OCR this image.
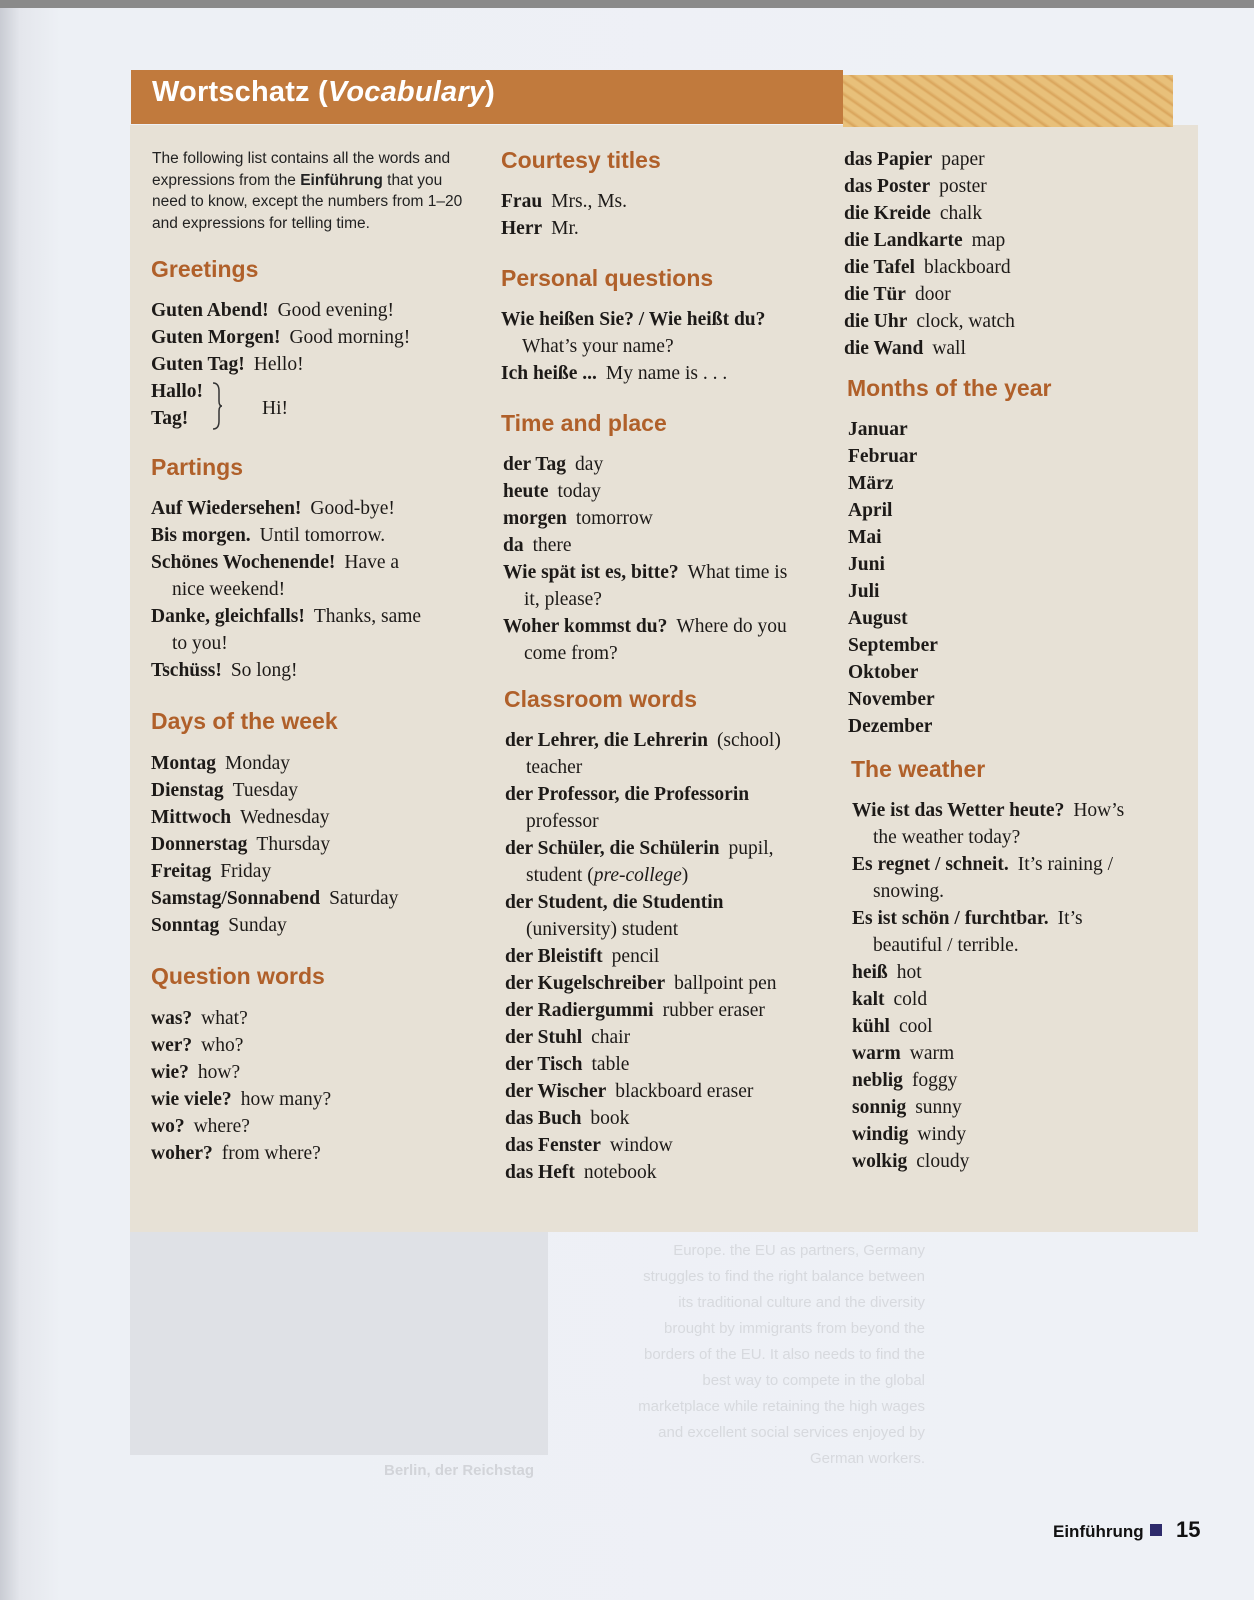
Berlin, der Reichstag
Europe. the EU as partners, Germany
struggles to find the right balance between
its traditional culture and the diversity
brought by immigrants from beyond the
borders of the EU. It also needs to find the
best way to compete in the global
marketplace while retaining the high wages
and excellent social services enjoyed by
German workers.
Wortschatz (Vocabulary)
The following list contains all the words and expressions from the Einführung that you need to know, except the numbers from 1–20 and expressions for telling time.
Greetings
Guten Abend! Good evening!
Guten Morgen! Good morning!
Guten Tag! Hello!
Hallo!
Tag!	Hi!
Partings
Auf Wiedersehen! Good-bye!
Bis morgen. Until tomorrow.
Schönes Wochenende! Have a
nice weekend!
Danke, gleichfalls! Thanks, same
to you!
Tschüss! So long!
Days of the week
Montag Monday
Dienstag Tuesday
Mittwoch Wednesday
Donnerstag Thursday
Freitag Friday
Samstag/Sonnabend Saturday
Sonntag Sunday
Question words
was? what?
wer? who?
wie? how?
wie viele? how many?
wo? where?
woher? from where?
Courtesy titles
Frau Mrs., Ms.
Herr Mr.
Personal questions
Wie heißen Sie? / Wie heißt du?
What’s your name?
Ich heiße ... My name is . . .
Time and place
der Tag day
heute today
morgen tomorrow
da there
Wie spät ist es, bitte? What time is
it, please?
Woher kommst du? Where do you
come from?
Classroom words
der Lehrer, die Lehrerin (school)
teacher
der Professor, die Professorin
professor
der Schüler, die Schülerin pupil,
student (pre-college)
der Student, die Studentin
(university) student
der Bleistift pencil
der Kugelschreiber ballpoint pen
der Radiergummi rubber eraser
der Stuhl chair
der Tisch table
der Wischer blackboard eraser
das Buch book
das Fenster window
das Heft notebook
das Papier paper
das Poster poster
die Kreide chalk
die Landkarte map
die Tafel blackboard
die Tür door
die Uhr clock, watch
die Wand wall
Months of the year
Januar
Februar
März
April
Mai
Juni
Juli
August
September
Oktober
November
Dezember
The weather
Wie ist das Wetter heute? How’s
the weather today?
Es regnet / schneit. It’s raining /
snowing.
Es ist schön / furchtbar. It’s
beautiful / terrible.
heiß hot
kalt cold
kühl cool
warm warm
neblig foggy
sonnig sunny
windig windy
wolkig cloudy
Einführung 15
